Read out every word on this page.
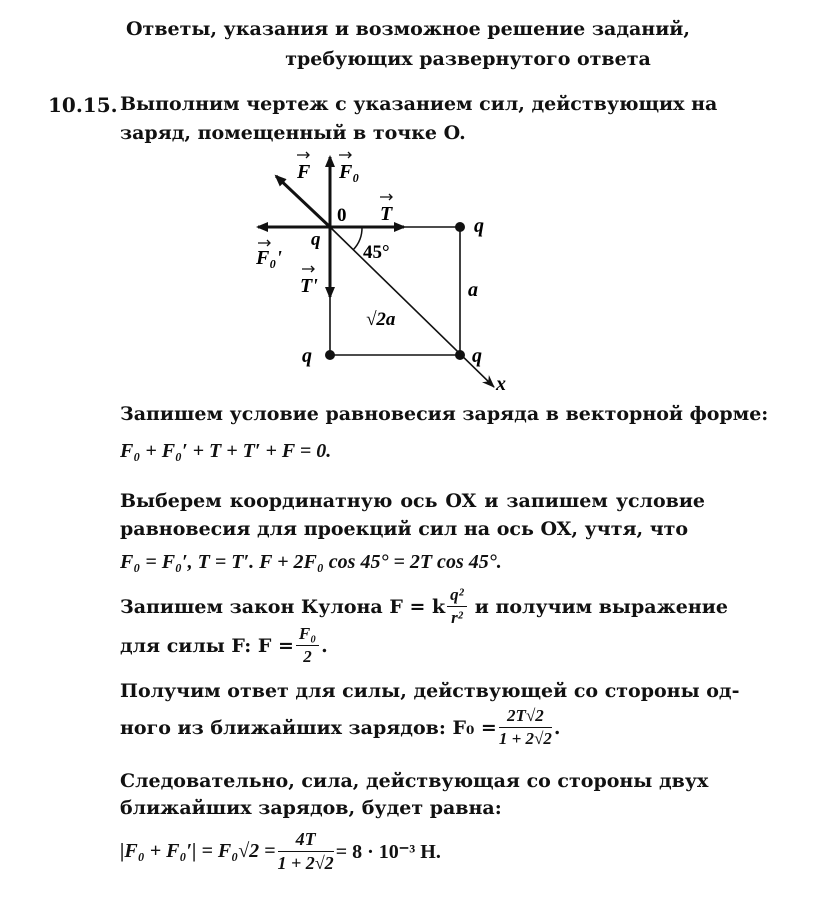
Ответы, указания и возможное решение заданий,
требующих развернутого ответа
10.15. Выполним чертеж с указанием сил, действующих на
заряд, помещенный в точке O.
F F₀
0 T
q
q
F₀'	45°
T'	a
√2a
q	q
x
Запишем условие равновесия заряда в векторной форме:
F₀ + F₀′ + T + T′ + F = 0.
Выберем координатную ось OX и запишем условие
равновесия для проекций сил на ось OX, учтя, что
F₀ = F₀′, T = T′. F + 2F₀ cos 45° = 2T cos 45°.
Запишем закон Кулона F = k $\frac{\text{q²}}{\text{r²}}$ и получим выражение
для силы F: $F = \frac{\text{F₀}}{2}$ .
Получим ответ для силы, действующей со стороны од-
ного из ближайших зарядов: $F_0 = \frac{2T√2}{1 + 2√2}$ .
Следовательно, сила, действующая со стороны двух
ближайших зарядов, будет равна:
$|F_0 + F_0'| = F_0√2 = \frac{4T}{1 + 2√2} = 8 \cdot 10^{-3}$ Н.
